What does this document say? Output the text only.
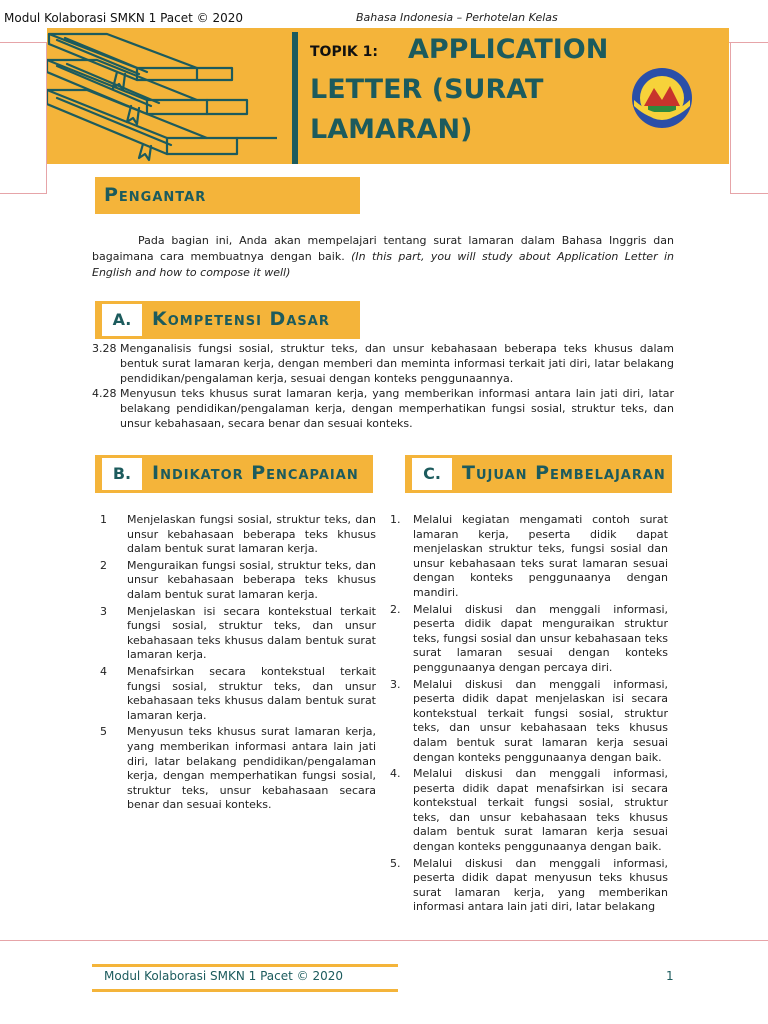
Modul Kolaborasi SMKN 1 Pacet © 2020	Bahasa Indonesia – Perhotelan Kelas
TOPIK 1:	APPLICATION
LETTER (SURAT
LAMARAN)
Pengantar
Pada bagian ini, Anda akan mempelajari tentang surat lamaran dalam Bahasa Inggris dan bagaimana cara membuatnya dengan baik. (In this part, you will study about Application Letter in English and how to compose it well)
A.	Kompetensi Dasar
3.28 Menganalisis fungsi sosial, struktur teks, dan unsur kebahasaan beberapa teks khusus dalam bentuk surat lamaran kerja, dengan memberi dan meminta informasi terkait jati diri, latar belakang pendidikan/pengalaman kerja, sesuai dengan konteks penggunaannya.
4.28 Menyusun teks khusus surat lamaran kerja, yang memberikan informasi antara lain jati diri, latar belakang pendidikan/pengalaman kerja, dengan memperhatikan fungsi sosial, struktur teks, dan unsur kebahasaan, secara benar dan sesuai konteks.
B.	Indikator Pencapaian	C.	Tujuan Pembelajaran
1 Menjelaskan fungsi sosial, struktur teks, dan unsur kebahasaan beberapa teks khusus dalam bentuk surat lamaran kerja.
2 Menguraikan fungsi sosial, struktur teks, dan unsur kebahasaan beberapa teks khusus dalam bentuk surat lamaran kerja.
3 Menjelaskan isi secara kontekstual terkait fungsi sosial, struktur teks, dan unsur kebahasaan teks khusus dalam bentuk surat lamaran kerja.
4 Menafsirkan secara kontekstual terkait fungsi sosial, struktur teks, dan unsur kebahasaan teks khusus dalam bentuk surat lamaran kerja.
5 Menyusun teks khusus surat lamaran kerja, yang memberikan informasi antara lain jati diri, latar belakang pendidikan/pengalaman kerja, dengan memperhatikan fungsi sosial, struktur teks, unsur kebahasaan secara benar dan sesuai konteks.
1. Melalui kegiatan mengamati contoh surat lamaran kerja, peserta didik dapat menjelaskan struktur teks, fungsi sosial dan unsur kebahasaan teks surat lamaran sesuai dengan konteks penggunaanya dengan mandiri.
2. Melalui diskusi dan menggali informasi, peserta didik dapat menguraikan struktur teks, fungsi sosial dan unsur kebahasaan teks surat lamaran sesuai dengan konteks penggunaanya dengan percaya diri.
3. Melalui diskusi dan menggali informasi, peserta didik dapat menjelaskan isi secara kontekstual terkait fungsi sosial, struktur teks, dan unsur kebahasaan teks khusus dalam bentuk surat lamaran kerja sesuai dengan konteks penggunaanya dengan baik.
4. Melalui diskusi dan menggali informasi, peserta didik dapat menafsirkan isi secara kontekstual terkait fungsi sosial, struktur teks, dan unsur kebahasaan teks khusus dalam bentuk surat lamaran kerja sesuai dengan konteks penggunaanya dengan baik.
5. Melalui diskusi dan menggali informasi, peserta didik dapat menyusun teks khusus surat lamaran kerja, yang memberikan informasi antara lain jati diri, latar belakang
Modul Kolaborasi SMKN 1 Pacet © 2020	1
